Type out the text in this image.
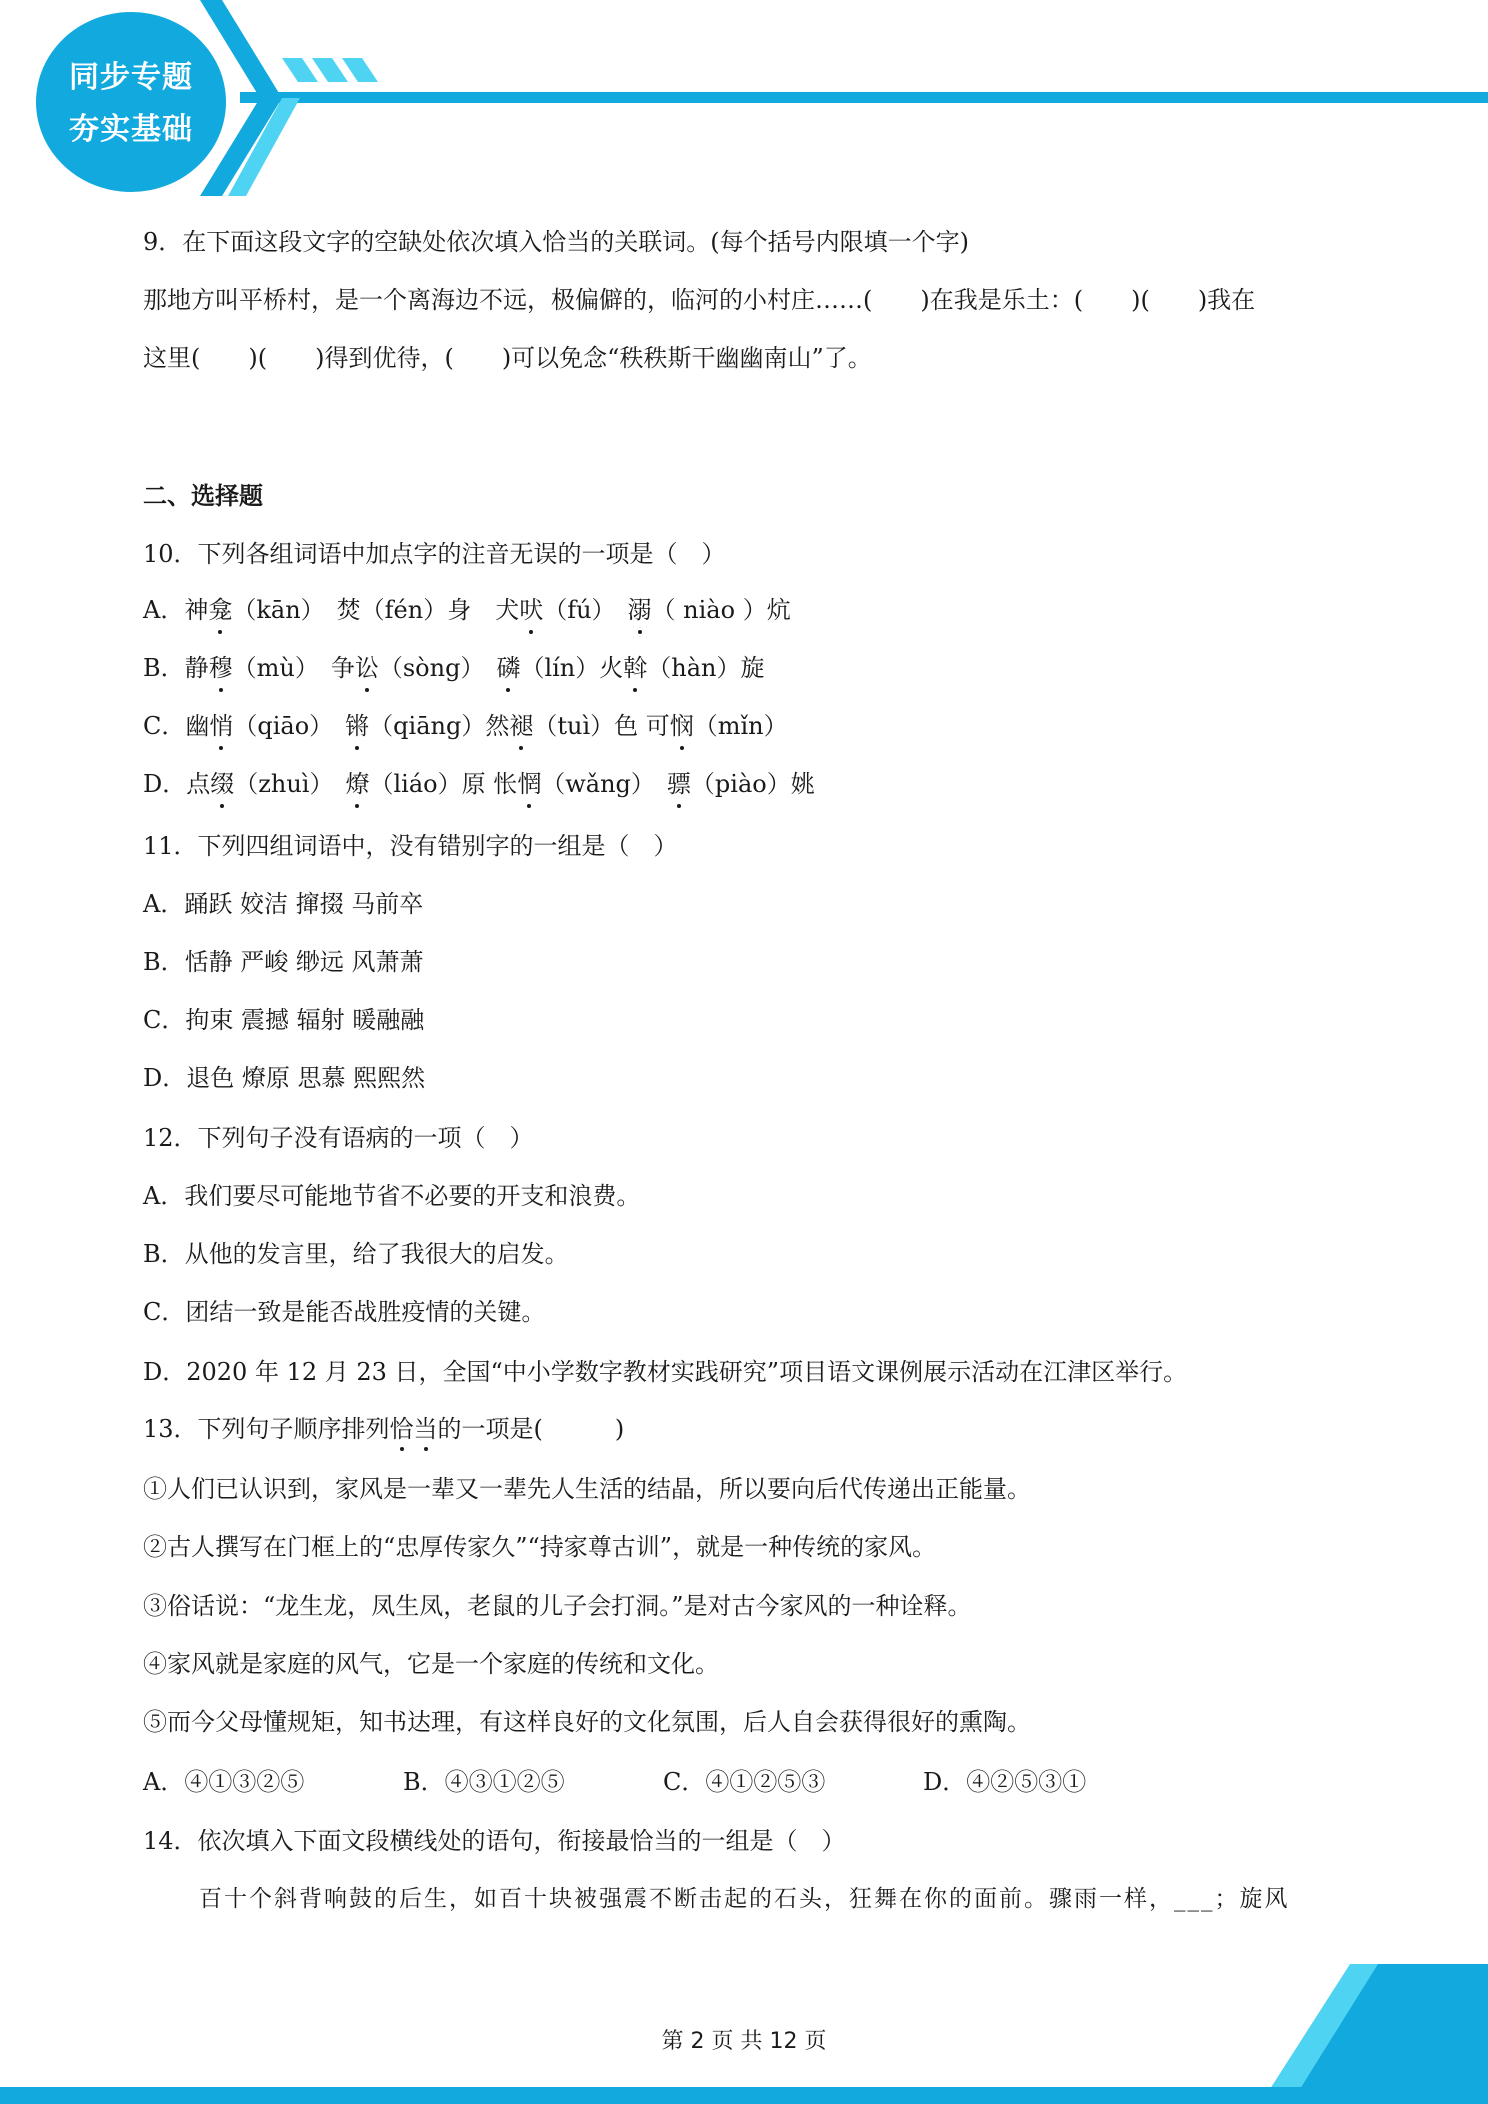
同步专题
夯实基础
9．在下面这段文字的空缺处依次填入恰当的关联词。(每个括号内限填一个字)
那地方叫平桥村，是一个离海边不远，极偏僻的，临河的小村庄……(　　)在我是乐土：(　　)(　　)我在
这里(　　)(　　)得到优待，(　　)可以免念“秩秩斯干幽幽南山”了。
二、选择题
10．下列各组词语中加点字的注音无误的一项是（　）
A．神龛（kān）　焚（fén）身　犬吠（fú）　溺（ niào ）炕
B．静穆（mù）　争讼（sòng）　磷（lín）火斡（hàn）旋
C．幽悄（qiāo）　锵（qiāng）然褪（tuì）色 可悯（mǐn）
D．点缀（zhuì）　燎（liáo）原 怅惘（wǎng）　骠（piào）姚
11．下列四组词语中，没有错别字的一组是（　）
A．踊跃 姣洁 撺掇 马前卒
B．恬静 严峻 缈远 风萧萧
C．拘束 震撼 辐射 暖融融
D．退色 燎原 思慕 熙熙然
12．下列句子没有语病的一项（　）
A．我们要尽可能地节省不必要的开支和浪费。
B．从他的发言里，给了我很大的启发。
C．团结一致是能否战胜疫情的关键。
D．2020 年 12 月 23 日，全国“中小学数字教材实践研究”项目语文课例展示活动在江津区举行。
13．下列句子顺序排列恰当的一项是(　　　)
①人们已认识到，家风是一辈又一辈先人生活的结晶，所以要向后代传递出正能量。
②古人撰写在门框上的“忠厚传家久”“持家尊古训”，就是一种传统的家风。
③俗话说：“龙生龙，凤生凤，老鼠的儿子会打洞。”是对古今家风的一种诠释。
④家风就是家庭的风气，它是一个家庭的传统和文化。
⑤而今父母懂规矩，知书达理，有这样良好的文化氛围，后人自会获得很好的熏陶。
A．④①③②⑤	B．④③①②⑤	C．④①②⑤③	D．④②⑤③①
14．依次填入下面文段横线处的语句，衔接最恰当的一组是（　）
百十个斜背响鼓的后生，如百十块被强震不断击起的石头，狂舞在你的面前。骤雨一样，___；旋风
第 2 页 共 12 页
